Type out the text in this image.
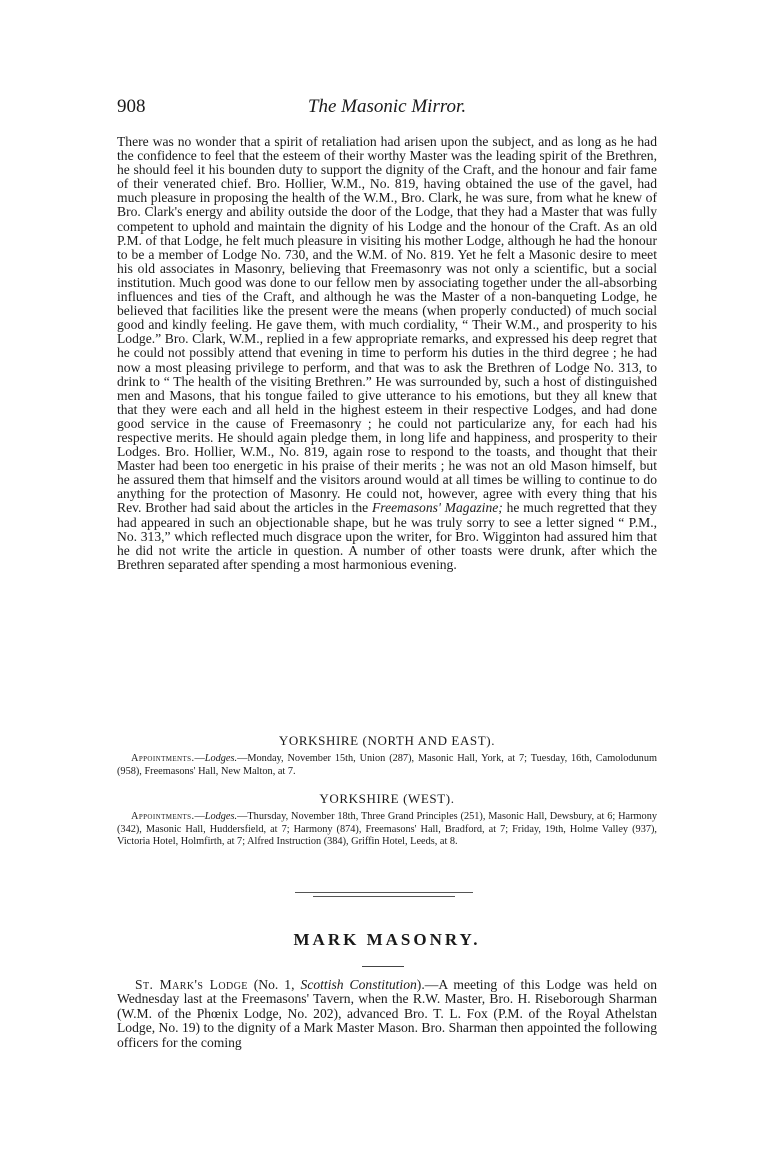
908	The Masonic Mirror.

There was no wonder that a spirit of retaliation had arisen upon the subject, and as long as he had the confidence to feel that the esteem of their worthy Master was the leading spirit of the Brethren, he should feel it his bounden duty to support the dignity of the Craft, and the honour and fair fame of their venerated chief. Bro. Hollier, W.M., No. 819, having obtained the use of the gavel, had much pleasure in proposing the health of the W.M., Bro. Clark, he was sure, from what he knew of Bro. Clark's energy and ability outside the door of the Lodge, that they had a Master that was fully competent to uphold and maintain the dignity of his Lodge and the honour of the Craft. As an old P.M. of that Lodge, he felt much pleasure in visiting his mother Lodge, although he had the honour to be a member of Lodge No. 730, and the W.M. of No. 819. Yet he felt a Masonic desire to meet his old associates in Masonry, believing that Freemasonry was not only a scientific, but a social institution. Much good was done to our fellow men by associating together under the all-absorbing influences and ties of the Craft, and although he was the Master of a non-banqueting Lodge, he believed that facilities like the present were the means (when properly conducted) of much social good and kindly feeling. He gave them, with much cordiality, “ Their W.M., and prosperity to his Lodge.” Bro. Clark, W.M., replied in a few appropriate remarks, and expressed his deep regret that he could not possibly attend that evening in time to perform his duties in the third degree ; he had now a most pleasing privilege to perform, and that was to ask the Brethren of Lodge No. 313, to drink to “ The health of the visiting Brethren.” He was surrounded by, such a host of distinguished men and Masons, that his tongue failed to give utterance to his emotions, but they all knew that that they were each and all held in the highest esteem in their respective Lodges, and had done good service in the cause of Freemasonry ; he could not particularize any, for each had his respective merits. He should again pledge them, in long life and happiness, and prosperity to their Lodges. Bro. Hollier, W.M., No. 819, again rose to respond to the toasts, and thought that their Master had been too energetic in his praise of their merits ; he was not an old Mason himself, but he assured them that himself and the visitors around would at all times be willing to continue to do anything for the protection of Masonry. He could not, however, agree with every thing that his Rev. Brother had said about the articles in the Freemasons' Magazine; he much regretted that they had appeared in such an objectionable shape, but he was truly sorry to see a letter signed “ P.M., No. 313,” which reflected much disgrace upon the writer, for Bro. Wigginton had assured him that he did not write the article in question. A number of other toasts were drunk, after which the Brethren separated after spending a most harmonious evening.

YORKSHIRE (NORTH AND EAST).

Appointments.—Lodges.—Monday, November 15th, Union (287), Masonic Hall, York, at 7; Tuesday, 16th, Camolodunum (958), Freemasons' Hall, New Malton, at 7.

YORKSHIRE (WEST).

Appointments.—Lodges.—Thursday, November 18th, Three Grand Principles (251), Masonic Hall, Dewsbury, at 6; Harmony (342), Masonic Hall, Huddersfield, at 7; Harmony (874), Freemasons' Hall, Bradford, at 7; Friday, 19th, Holme Valley (937), Victoria Hotel, Holmfirth, at 7; Alfred Instruction (384), Griffin Hotel, Leeds, at 8.

MARK MASONRY.

St. Mark's Lodge (No. 1, Scottish Constitution).—A meeting of this Lodge was held on Wednesday last at the Freemasons' Tavern, when the R.W. Master, Bro. H. Riseborough Sharman (W.M. of the Phœnix Lodge, No. 202), advanced Bro. T. L. Fox (P.M. of the Royal Athelstan Lodge, No. 19) to the dignity of a Mark Master Mason. Bro. Sharman then appointed the following officers for the coming
